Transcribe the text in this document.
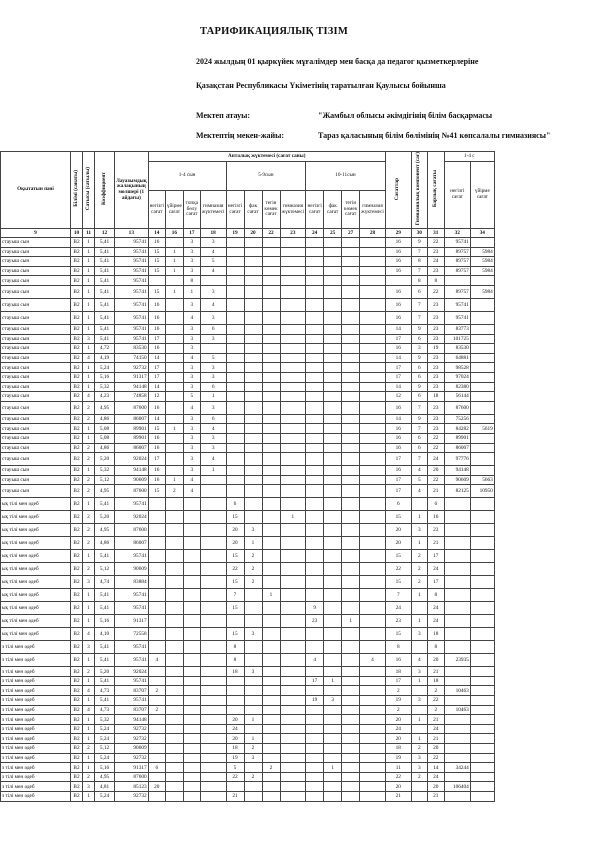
ТАРИФИКАЦИЯЛЫҚ ТІЗІМ
2024 жылдың 01 қыркүйек мұғалімдер мен басқа да педагог қызметкерлеріне
Қазақстан Республикасы Үкіметінің таратылған Қаулысы бойынша
Мектеп атауы:	"Жамбыл облысы әкімдігінің білім басқармасы
Мектептің мекен-жайы:	Тараз қаласының білім бөлімінің №41 көпсалалы гимназиясы"
Оқытатын пәні	Білімі (санаты)	Сатысы (сатылы)	Коэффициент	Лауазымдық жалақының мөлшері (1 айдағы)	Апталық жүктемесі (сағат саны)												Сағаттар	Гимназиялық компонент (сағ)	Барлық сағаты	1-4 с	
					1-4 сын				5-9сын				10-11сын							негізгі сағат	үйірме сағат
					негізгі сағат	үйірме сағат	топқа бөлу сағат	гимназия жүктемесі	негізгі сағат	фак сағат	тегін көмек сағат	гимназия жүктемесі	негізгі сағат	фак сағат	тегін көмек сағат	гимназия жүктемесі					
9	10	11	12	13	14	16	17	18	19	20	22	23	24	25	27	28	29	30	31	32	34
стауыш сын	В2	1	5,41	95741	16		3	3									16	9	22	95741	
стауыш сын	В2	1	5,41	95741	15	1	3	4									16	7	23	89757	5984
стауыш сын	В2	1	5,41	95741	15	1	3	5									16	8	24	89757	5984
стауыш сын	В2	1	5,41	95741	15	1	3	4									16	7	23	89757	5984
стауыш сын	В2	1	5,41	95741			8											8	8		
стауыш сын	В2	1	5,41	95741	15	1	1	3									16	6	22	89757	5984
стауыш сын	В2	1	5,41	95741	16		3	4									16	7	23	95741	
стауыш сын	В2	1	5,41	95741	16		4	3									16	7	23	95741	
стауыш сын	В2	1	5,41	95741	16		3	6									14	9	23	83773	
стауыш сын	В2	3	5,41	95741	17		3	3									17	6	23	101725	
стауыш сын	В2	1	4,72	83530	16		3										16	3	19	83530	
стауыш сын	В2	4	4,19	74150	14		4	5									14	9	23	64881	
стауыш сын	В2	1	5,24	92732	17		3	3									17	6	23	98528	
стауыш сын	В2	1	5,16	91317	17		3	3									17	6	23	97024	
стауыш сын	В2	1	5,32	94148	14		3	6									14	9	23	82380	
стауыш сын	В2	4	4,23	74858	12		5	1									12	6	18	56144	
стауыш сын	В2	2	4,95	87600	16		4	3									16	7	23	87600	
стауыш сын	В2	2	4,86	86007	14		3	6									14	9	23	75256	
стауыш сын	В2	1	5,08	89901	15	1	3	4									16	7	23	84282	5619
стауыш сын	В2	1	5,08	89901	16		3	3									16	6	22	89901	
стауыш сын	В2	2	4,86	86007	16		3	3									16	6	22	86007	
стауыш сын	В2	2	5,20	92024	17		3	4									17	7	24	97776	
стауыш сын	В2	1	5,32	94148	16		3	1									16	4	20	94148	
стауыш сын	В2	2	5,12	90609	16	1	4										17	5	22	90609	5663
стауыш сын	В2	2	4,95	87600	15	2	4										17	4	21	82125	10950
ық тілі мен әдеб	В2	1	5,41	95741					6								6		6		
ық тілі мен әдеб	В2	2	5,20	92024					15			1					15	1	16		
ық тілі мен әдеб	В2	2	4,95	87600					20	3							20	3	23		
ық тілі мен әдеб	В2	2	4,86	86007					20	1							20	1	21		
ық тілі мен әдеб	В2	1	5,41	95741					15	2							15	2	17		
ық тілі мен әдеб	В2	2	5,12	90609					22	2							22	2	24		
ық тілі мен әдеб	В2	3	4,74	83884					15	2							15	2	17		
ық тілі мен әдеб	В2	1	5,41	95741					7		1						7	1	8		
ық тілі мен әдеб	В2	1	5,41	95741					15				9				24		24		
ық тілі мен әдеб	В2	1	5,16	91317									23		1		23	1	24		
ық тілі мен әдеб	В2	4	4,10	72558					15	3							15	3	18		
з тілі мен әдеб	В2	3	5,41	95741					8								8		8		
з тілі мен әдеб	В2	1	5,41	95741	4				8				4			4	16	4	20	23935	
з тілі мен әдеб	В2	2	5,20	92024					18	3							18	3	21		
з тілі мен әдеб	В2	1	5,41	95741									17	1			17	1	18		
з тілі мен әдеб	В2	4	4,73	83707	2												2		2	10463	
з тілі мен әдеб	В2	1	5,41	95741									19	3			19	3	22		
з тілі мен әдеб	В2	4	4,73	83707	2												2		2	10463	
з тілі мен әдеб	В2	1	5,32	94148					20	1							20	1	21		
з тілі мен әдеб	В2	1	5,24	92732					24								24		24		
з тілі мен әдеб	В2	1	5,24	92732					20	1							20	1	21		
з тілі мен әдеб	В2	2	5,12	90609					18	2							18	2	20		
з тілі мен әдеб	В2	1	5,24	92732					19	3							19	3	22		
з тілі мен әдеб	В2	1	5,16	91317	6				5		2			1			11	3	14	34244	
з тілі мен әдеб	В2	2	4,95	87600					22	2							22	2	24		
з тілі мен әдеб	В2	3	4,81	85123	20												20		20	106404	
з тілі мен әдеб	В2	1	5,24	92732					21								21		21		
